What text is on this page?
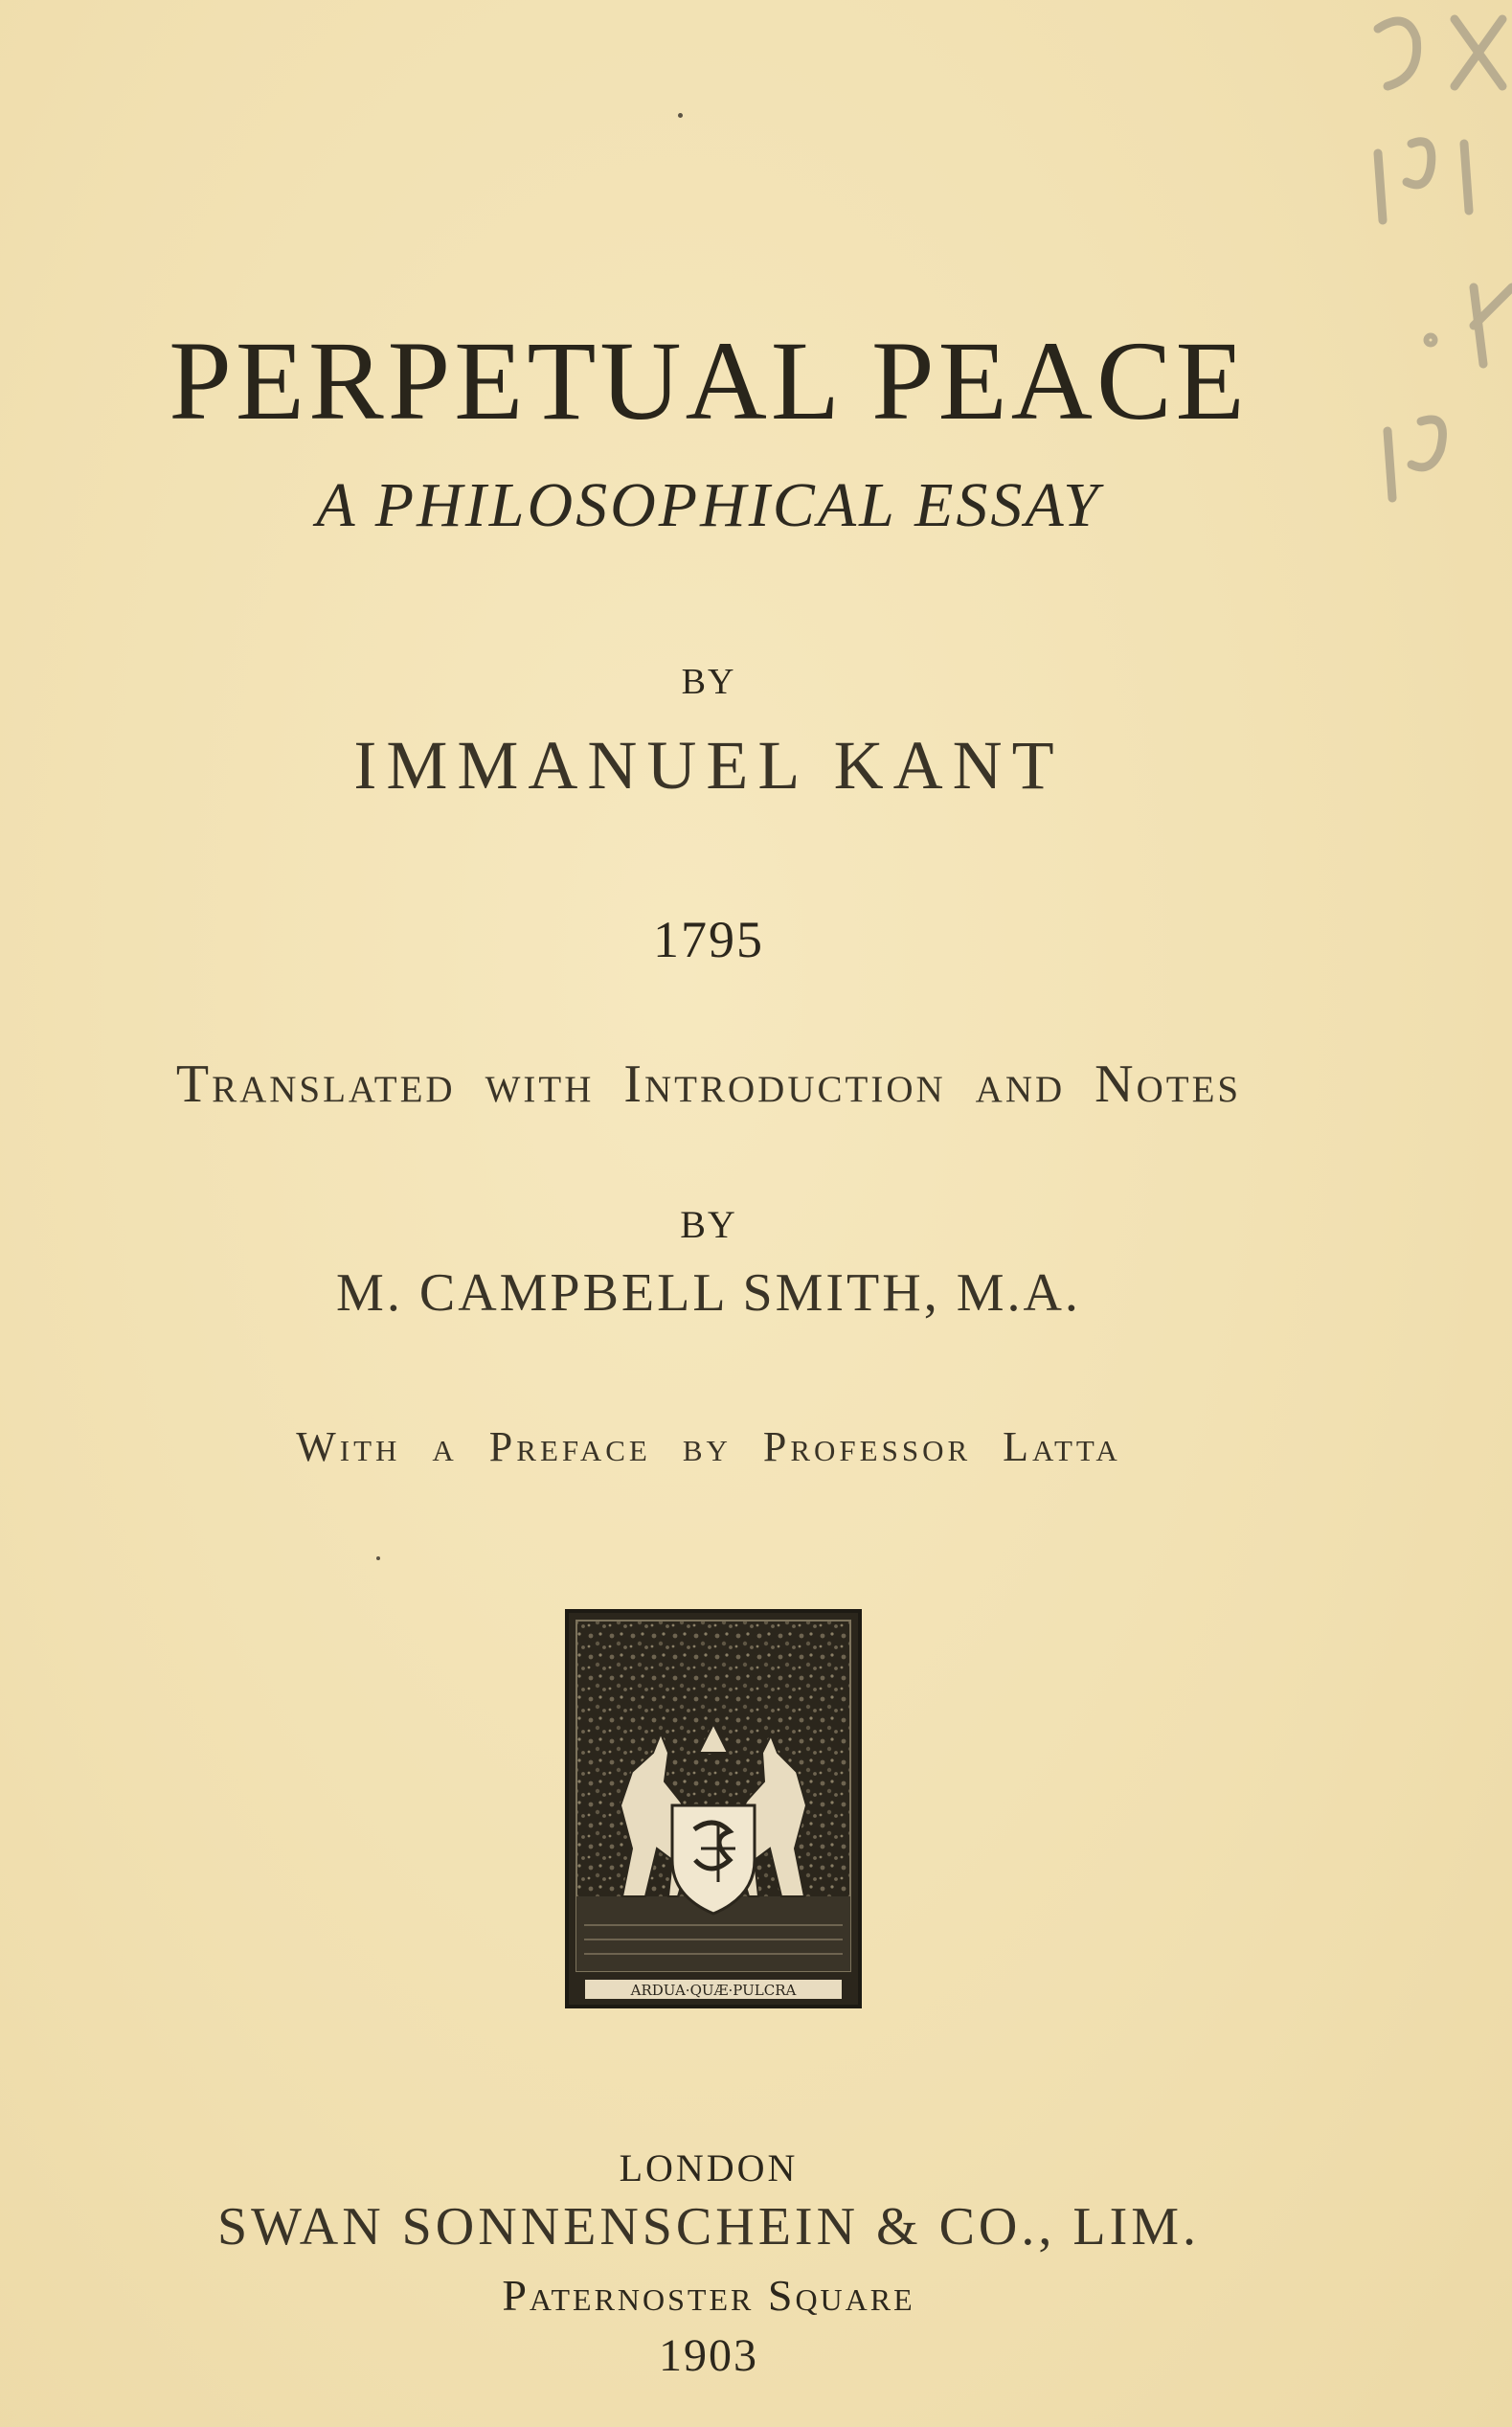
PERPETUAL PEACE
A PHILOSOPHICAL ESSAY
BY
IMMANUEL KANT
1795
Translated with Introduction and Notes
BY
M. CAMPBELL SMITH, M.A.
With a Preface by Professor Latta
ARDUA·QUÆ·PULCRA
LONDON
SWAN SONNENSCHEIN & CO., LIM.
Paternoster Square
1903
